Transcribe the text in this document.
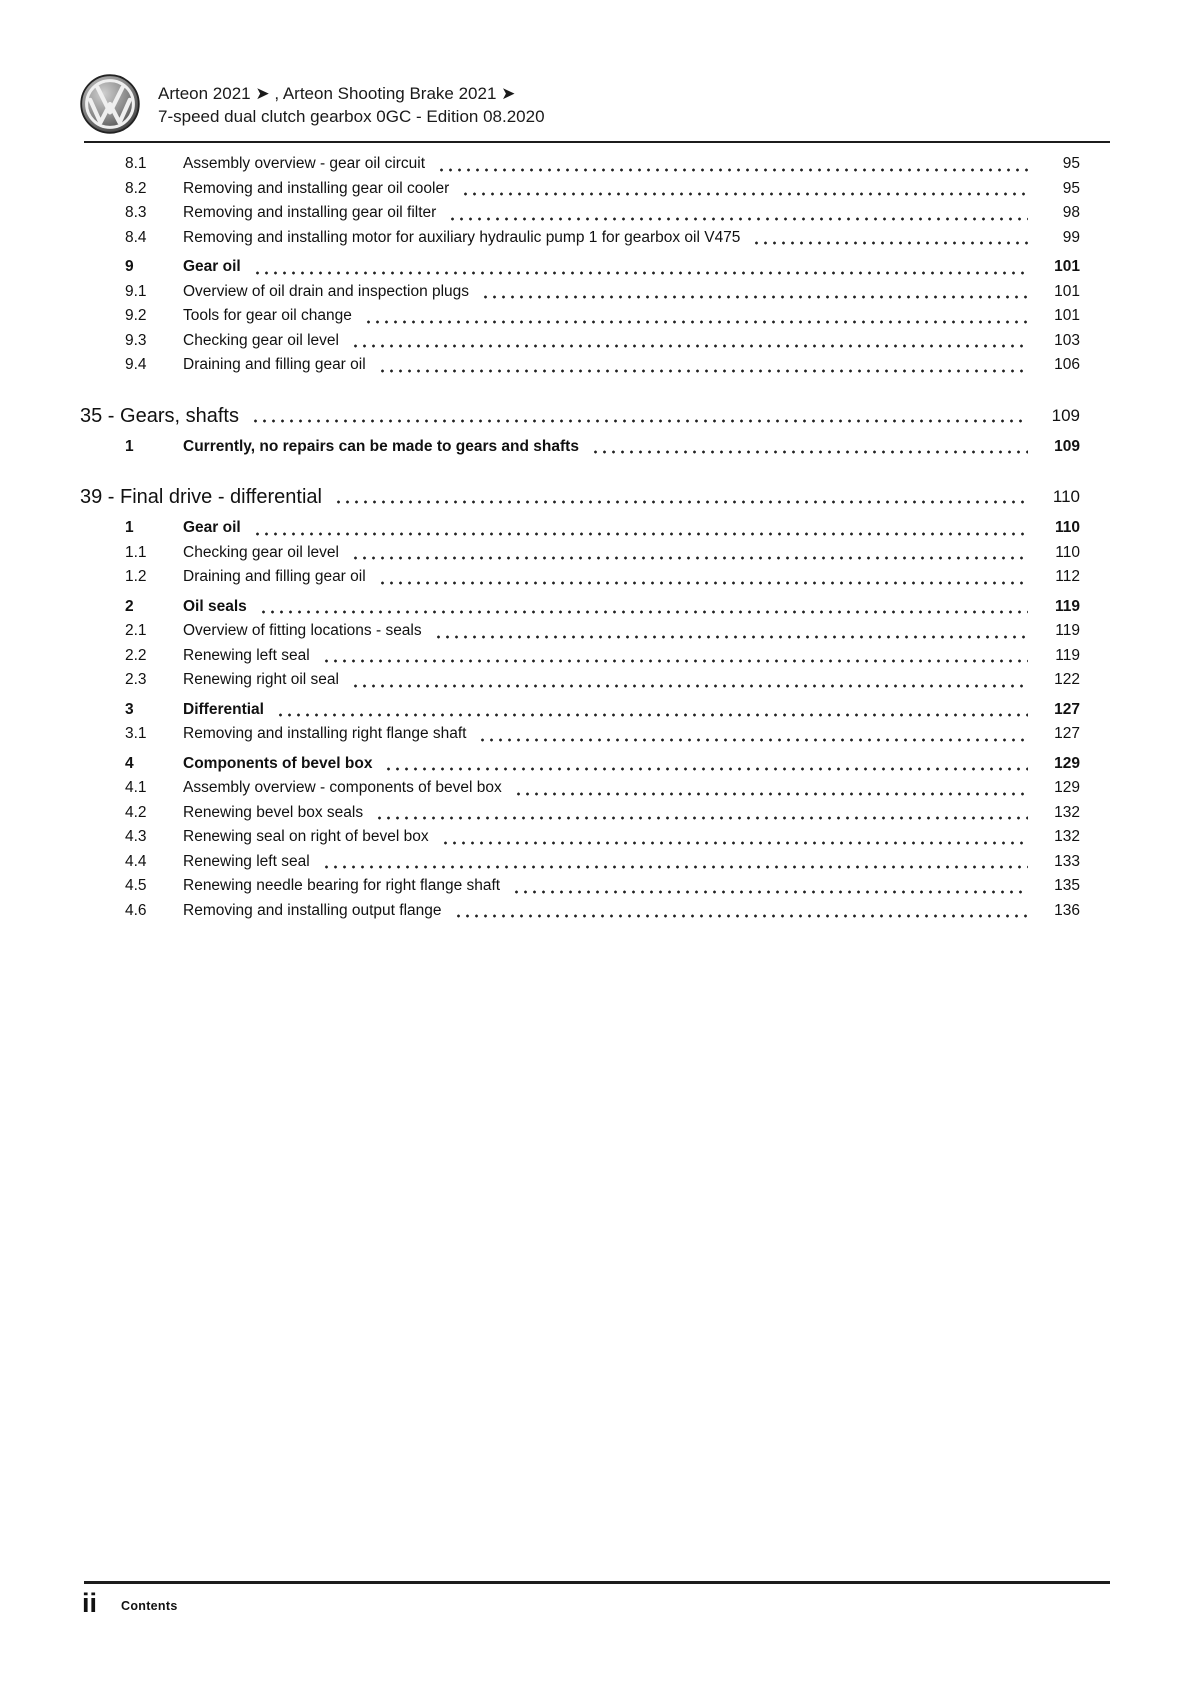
Arteon 2021 ➤ , Arteon Shooting Brake 2021 ➤
7-speed dual clutch gearbox 0GC - Edition 08.2020
8.1	Assembly overview - gear oil circuit	95
8.2	Removing and installing gear oil cooler	95
8.3	Removing and installing gear oil filter	98
8.4	Removing and installing motor for auxiliary hydraulic pump 1 for gearbox oil V475	99
9	Gear oil	101
9.1	Overview of oil drain and inspection plugs	101
9.2	Tools for gear oil change	101
9.3	Checking gear oil level	103
9.4	Draining and filling gear oil	106
35 - Gears, shafts	109
1	Currently, no repairs can be made to gears and shafts	109
39 - Final drive - differential	110
1	Gear oil	110
1.1	Checking gear oil level	110
1.2	Draining and filling gear oil	112
2	Oil seals	119
2.1	Overview of fitting locations - seals	119
2.2	Renewing left seal	119
2.3	Renewing right oil seal	122
3	Differential	127
3.1	Removing and installing right flange shaft	127
4	Components of bevel box	129
4.1	Assembly overview - components of bevel box	129
4.2	Renewing bevel box seals	132
4.3	Renewing seal on right of bevel box	132
4.4	Renewing left seal	133
4.5	Renewing needle bearing for right flange shaft	135
4.6	Removing and installing output flange	136
ii Contents
